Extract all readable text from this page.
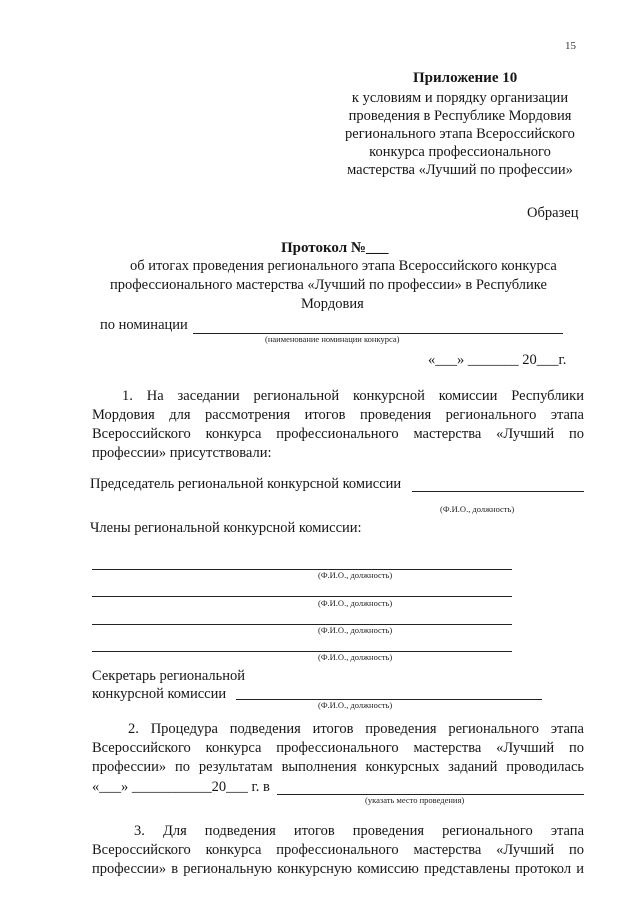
15
Приложение 10
к условиям и порядку организации
проведения в Республике Мордовия
регионального этапа Всероссийского
конкурса профессионального
мастерства «Лучший по профессии»
Образец
Протокол №___
об итогах проведения регионального этапа Всероссийского конкурса
профессионального мастерства «Лучший по профессии» в Республике
Мордовия
по номинации
(наименование номинации конкурса)
«___» _______ 20___г.
1. На заседании региональной конкурсной комиссии Республики
Мордовия для рассмотрения итогов проведения регионального этапа
Всероссийского конкурса профессионального мастерства «Лучший по
профессии» присутствовали:
Председатель региональной конкурсной комиссии
(Ф.И.О., должность)
Члены региональной конкурсной комиссии:
(Ф.И.О., должность)
(Ф.И.О., должность)
(Ф.И.О., должность)
(Ф.И.О., должность)
Секретарь региональной
конкурсной комиссии
(Ф.И.О., должность)
2. Процедура подведения итогов проведения регионального этапа
Всероссийского конкурса профессионального мастерства «Лучший по
профессии» по результатам выполнения конкурсных заданий проводилась
«___» ___________20___ г. в
(указать место проведения)
3. Для подведения итогов проведения регионального этапа
Всероссийского конкурса профессионального мастерства «Лучший по
профессии» в региональную конкурсную комиссию представлены протокол и
